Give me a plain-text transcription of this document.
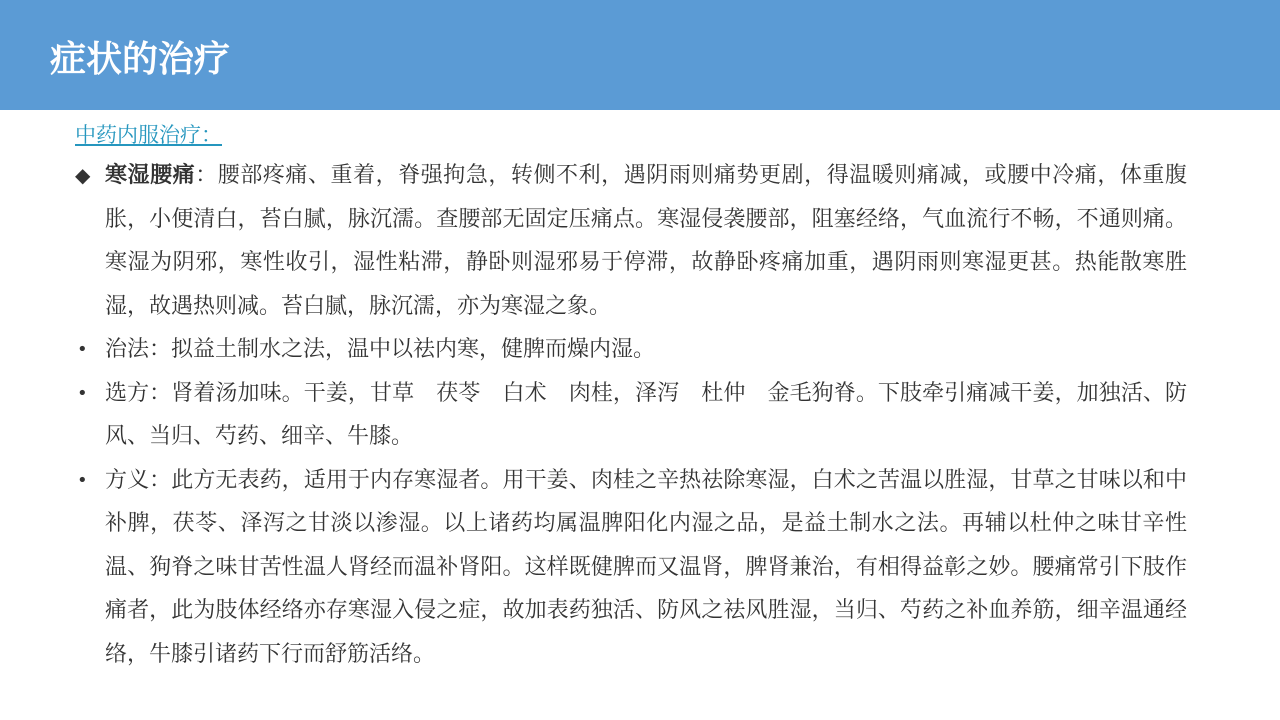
症状的治疗

中药内服治疗：

◆ 寒湿腰痛：腰部疼痛、重着，脊强拘急，转侧不利，遇阴雨则痛势更剧，得温暖则痛减，或腰中冷痛，体重腹胀，小便清白，苔白腻，脉沉濡。查腰部无固定压痛点。寒湿侵袭腰部，阻塞经络，气血流行不畅，不通则痛。寒湿为阴邪，寒性收引，湿性粘滞，静卧则湿邪易于停滞，故静卧疼痛加重，遇阴雨则寒湿更甚。热能散寒胜湿，故遇热则减。苔白腻，脉沉濡，亦为寒湿之象。

• 治法：拟益土制水之法，温中以祛内寒，健脾而燥内湿。

• 选方：肾着汤加味。干姜，甘草　茯苓　白术　肉桂，泽泻　杜仲　金毛狗脊。下肢牵引痛减干姜，加独活、防风、当归、芍药、细辛、牛膝。

• 方义：此方无表药，适用于内存寒湿者。用干姜、肉桂之辛热祛除寒湿，白术之苦温以胜湿，甘草之甘味以和中补脾，茯苓、泽泻之甘淡以渗湿。以上诸药均属温脾阳化内湿之品，是益土制水之法。再辅以杜仲之味甘辛性温、狗脊之味甘苦性温人肾经而温补肾阳。这样既健脾而又温肾，脾肾兼治，有相得益彰之妙。腰痛常引下肢作痛者，此为肢体经络亦存寒湿入侵之症，故加表药独活、防风之祛风胜湿，当归、芍药之补血养筋，细辛温通经络，牛膝引诸药下行而舒筋活络。
